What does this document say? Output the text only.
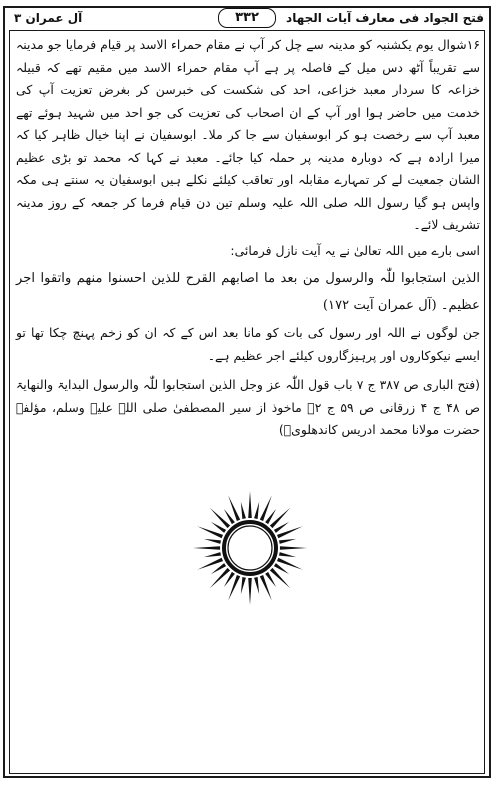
فتح الجواد فی معارف آیات الجهاد
۳۳۲
آل عمران ۳

۱۶شوال یوم یکشنبہ کو مدینہ سے چل کر آپ نے مقام حمراء الاسد پر قیام فرمایا جو مدینہ سے تقریباً آٹھ دس میل کے فاصلہ پر ہے آپ مقام حمراء الاسد میں مقیم تھے کہ قبیلہ خزاعہ کا سردار معبد خزاعی، احد کی شکست کی خبرسن کر بغرض تعزیت آپ کی خدمت میں حاضر ہوا اور آپ کے ان اصحاب کی تعزیت کی جو احد میں شہید ہوئے تھے معبد آپ سے رخصت ہو کر ابوسفیان سے جا کر ملا۔ ابوسفیان نے اپنا خیال ظاہر کیا کہ میرا ارادہ ہے کہ دوبارہ مدینہ پر حملہ کیا جائے۔ معبد نے کہا کہ محمد تو بڑی عظیم الشان جمعیت لے کر تمہارے مقابلہ اور تعاقب کیلئے نکلے ہیں ابوسفیان یہ سنتے ہی مکہ واپس ہو گیا رسول اللہ صلی اللہ علیہ وسلم تین دن قیام فرما کر جمعہ کے روز مدینہ تشریف لائے۔

اسی بارے میں اللہ تعالیٰ نے یہ آیت نازل فرمائی:

الذین استجابوا للّٰہ والرسول من بعد ما اصابھم القرح للذین احسنوا منھم واتقوا اجر عظیم۔ (آل عمران آیت ۱۷۲)

جن لوگوں نے اللہ اور رسول کی بات کو مانا بعد اس کے کہ ان کو زخم پہنچ چکا تھا تو ایسے نیکوکاروں اور پرہیزگاروں کیلئے اجر عظیم ہے۔

(فتح الباری ص ۳۸۷ ج ۷ باب قول اللّٰہ عز وجل الذین استجابوا للّٰہ والرسول البدایۃ والنھایۃ ص ۴۸ ج ۴ زرقانی ص ۵۹ ج ۲۔ ماخوذ از سیر المصطفیٰ صلی اللہ علیہ وسلم، مؤلفہ حضرت مولانا محمد ادریس کاندھلویؒ)
